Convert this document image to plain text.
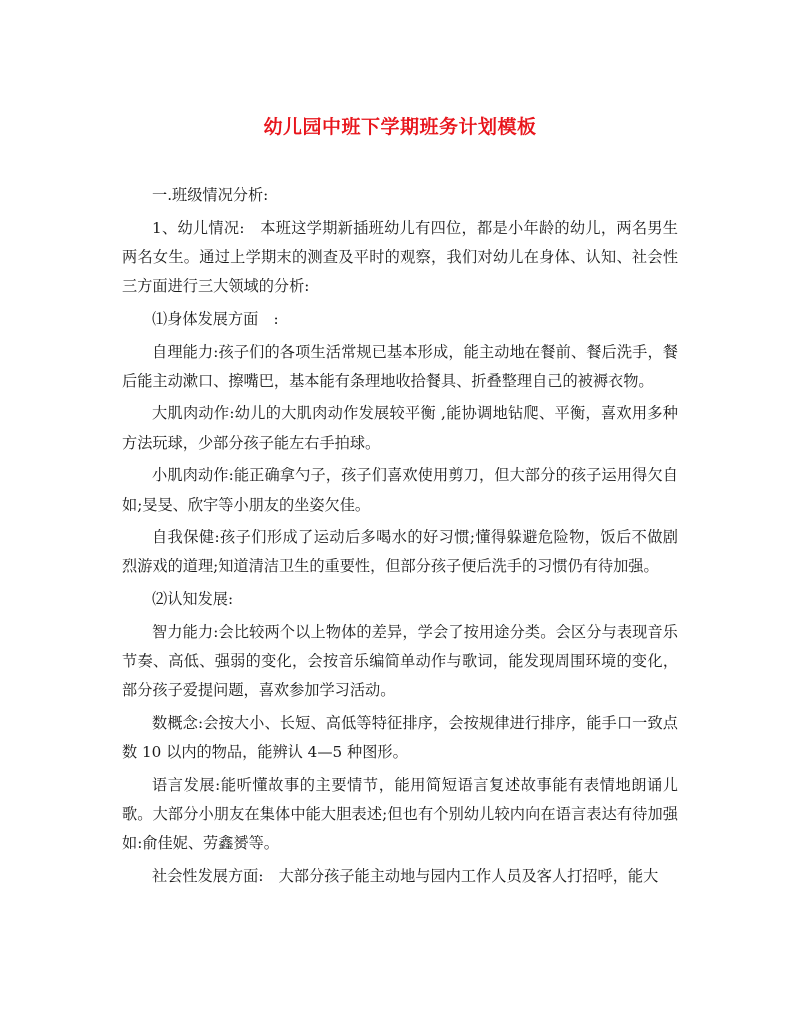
幼儿园中班下学期班务计划模板

一.班级情况分析:

1、幼儿情况:　本班这学期新插班幼儿有四位，都是小年龄的幼儿，两名男生两名女生。通过上学期末的测查及平时的观察，我们对幼儿在身体、认知、社会性三方面进行三大领域的分析:

⑴身体发展方面　:

自理能力:孩子们的各项生活常规已基本形成，能主动地在餐前、餐后洗手，餐后能主动漱口、擦嘴巴，基本能有条理地收拾餐具、折叠整理自己的被褥衣物。

大肌肉动作:幼儿的大肌肉动作发展较平衡 ,能协调地钻爬、平衡，喜欢用多种方法玩球，少部分孩子能左右手拍球。

小肌肉动作:能正确拿勺子，孩子们喜欢使用剪刀，但大部分的孩子运用得欠自如;旻旻、欣宇等小朋友的坐姿欠佳。

自我保健:孩子们形成了运动后多喝水的好习惯;懂得躲避危险物，饭后不做剧烈游戏的道理;知道清洁卫生的重要性，但部分孩子便后洗手的习惯仍有待加强。

⑵认知发展:

智力能力:会比较两个以上物体的差异，学会了按用途分类。会区分与表现音乐节奏、高低、强弱的变化，会按音乐编简单动作与歌词，能发现周围环境的变化，部分孩子爱提问题，喜欢参加学习活动。

数概念:会按大小、长短、高低等特征排序，会按规律进行排序，能手口一致点数 10 以内的物品，能辨认 4—5 种图形。

语言发展:能听懂故事的主要情节，能用简短语言复述故事能有表情地朗诵儿歌。大部分小朋友在集体中能大胆表述;但也有个别幼儿较内向在语言表达有待加强如:俞佳妮、劳鑫赟等。

社会性发展方面:　大部分孩子能主动地与园内工作人员及客人打招呼，能大
